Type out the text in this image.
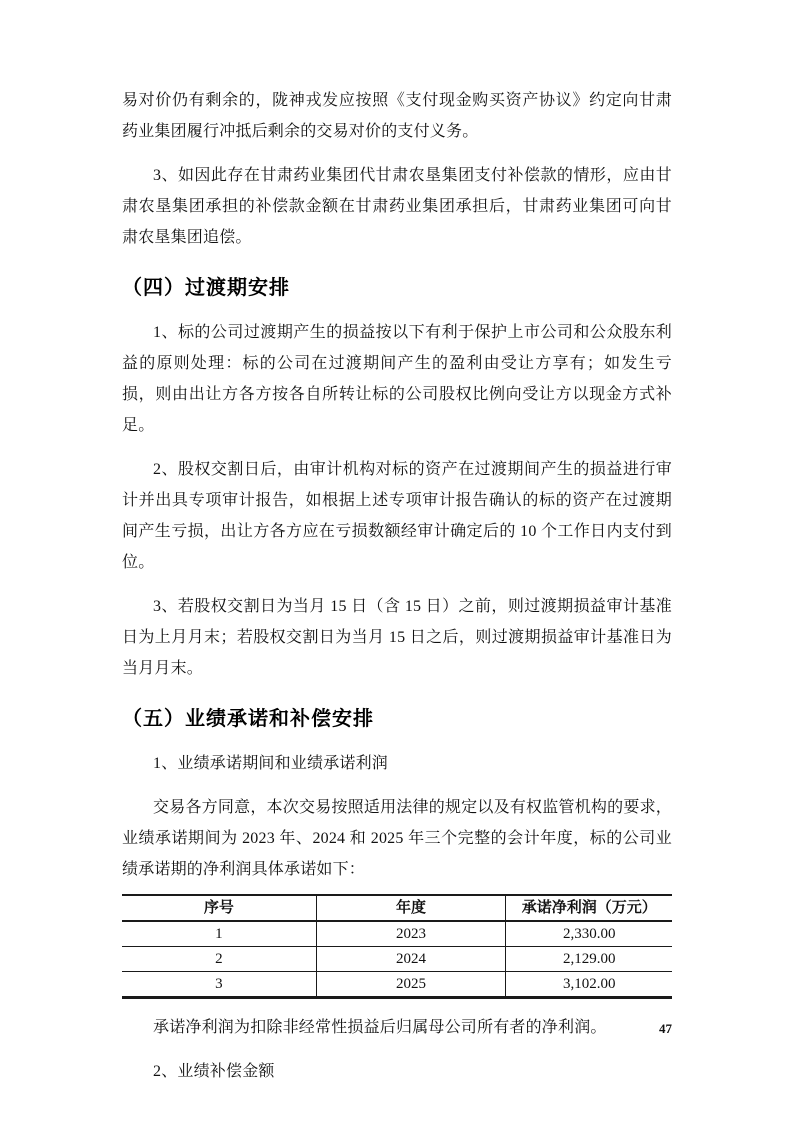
易对价仍有剩余的，陇神戎发应按照《支付现金购买资产协议》约定向甘肃药业集团履行冲抵后剩余的交易对价的支付义务。

3、如因此存在甘肃药业集团代甘肃农垦集团支付补偿款的情形，应由甘肃农垦集团承担的补偿款金额在甘肃药业集团承担后，甘肃药业集团可向甘肃农垦集团追偿。

（四）过渡期安排

1、标的公司过渡期产生的损益按以下有利于保护上市公司和公众股东利益的原则处理：标的公司在过渡期间产生的盈利由受让方享有；如发生亏损，则由出让方各方按各自所转让标的公司股权比例向受让方以现金方式补足。

2、股权交割日后，由审计机构对标的资产在过渡期间产生的损益进行审计并出具专项审计报告，如根据上述专项审计报告确认的标的资产在过渡期间产生亏损，出让方各方应在亏损数额经审计确定后的 10 个工作日内支付到位。

3、若股权交割日为当月 15 日（含 15 日）之前，则过渡期损益审计基准日为上月月末；若股权交割日为当月 15 日之后，则过渡期损益审计基准日为当月月末。

（五）业绩承诺和补偿安排

1、业绩承诺期间和业绩承诺利润

交易各方同意，本次交易按照适用法律的规定以及有权监管机构的要求，业绩承诺期间为 2023 年、2024 和 2025 年三个完整的会计年度，标的公司业绩承诺期的净利润具体承诺如下：

序号	年度	承诺净利润（万元）
1	2023	2,330.00
2	2024	2,129.00
3	2025	3,102.00

承诺净利润为扣除非经常性损益后归属母公司所有者的净利润。

2、业绩补偿金额

47
